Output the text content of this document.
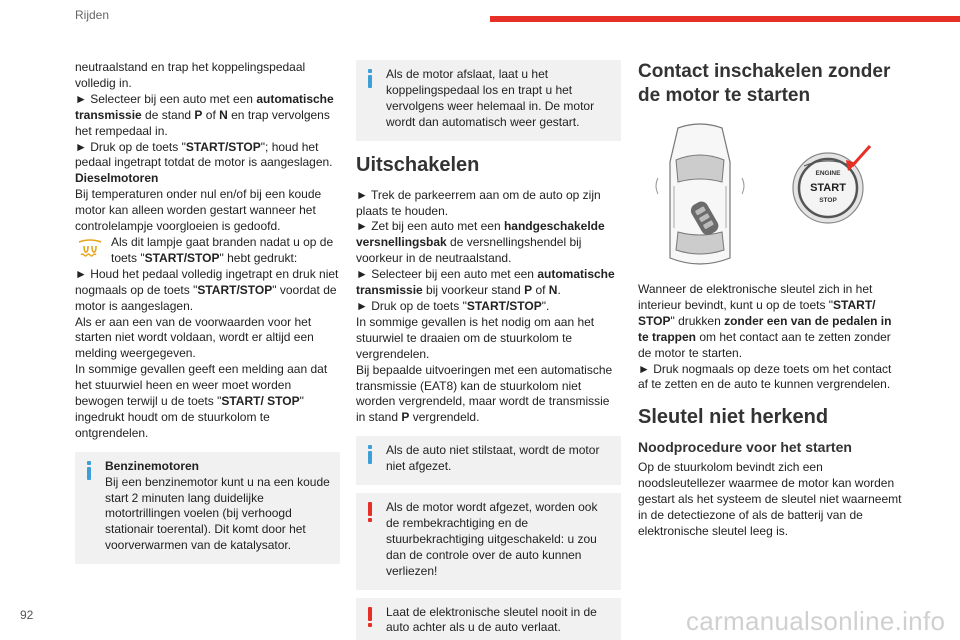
Rijden

neutraalstand en trap het koppelingspedaal volledig in.

► Selecteer bij een auto met een automatische transmissie de stand P of N en trap vervolgens het rempedaal in.

► Druk op de toets "START/STOP"; houd het pedaal ingetrapt totdat de motor is aangeslagen.

Dieselmotoren

Bij temperaturen onder nul en/of bij een koude motor kan alleen worden gestart wanneer het controlelampje voorgloeien is gedoofd.

Als dit lampje gaat branden nadat u op de toets "START/STOP" hebt gedrukt:

► Houd het pedaal volledig ingetrapt en druk niet nogmaals op de toets "START/STOP" voordat de motor is aangeslagen.

Als er aan een van de voorwaarden voor het starten niet wordt voldaan, wordt er altijd een melding weergegeven.

In sommige gevallen geeft een melding aan dat het stuurwiel heen en weer moet worden bewogen terwijl u de toets "START/ STOP" ingedrukt houdt om de stuurkolom te ontgrendelen.

Benzinemotoren

Bij een benzinemotor kunt u na een koude start 2 minuten lang duidelijke motortrillingen voelen (bij verhoogd stationair toerental). Dit komt door het voorverwarmen van de katalysator.

Als de motor afslaat, laat u het koppelingspedaal los en trapt u het vervolgens weer helemaal in. De motor wordt dan automatisch weer gestart.

Uitschakelen

► Trek de parkeerrem aan om de auto op zijn plaats te houden.

► Zet bij een auto met een handgeschakelde versnellingsbak de versnellingshendel bij voorkeur in de neutraalstand.

► Selecteer bij een auto met een automatische transmissie bij voorkeur stand P of N.

► Druk op de toets "START/STOP".

In sommige gevallen is het nodig om aan het stuurwiel te draaien om de stuurkolom te vergrendelen.

Bij bepaalde uitvoeringen met een automatische transmissie (EAT8) kan de stuurkolom niet worden vergrendeld, maar wordt de transmissie in stand P vergrendeld.

Als de auto niet stilstaat, wordt de motor niet afgezet.

Als de motor wordt afgezet, worden ook de rembekrachtiging en de stuurbekrachtiging uitgeschakeld: u zou dan de controle over de auto kunnen verliezen!

Laat de elektronische sleutel nooit in de auto achter als u de auto verlaat.

Contact inschakelen zonder de motor te starten
ENGINE
START
STOP

Wanneer de elektronische sleutel zich in het interieur bevindt, kunt u op de toets "START/ STOP" drukken zonder een van de pedalen in te trappen om het contact aan te zetten zonder de motor te starten.

► Druk nogmaals op deze toets om het contact af te zetten en de auto te kunnen vergrendelen.

Sleutel niet herkend
Noodprocedure voor het starten

Op de stuurkolom bevindt zich een noodsleutellezer waarmee de motor kan worden gestart als het systeem de sleutel niet waarneemt in de detectiezone of als de batterij van de elektronische sleutel leeg is.

92	carmanualsonline.info
